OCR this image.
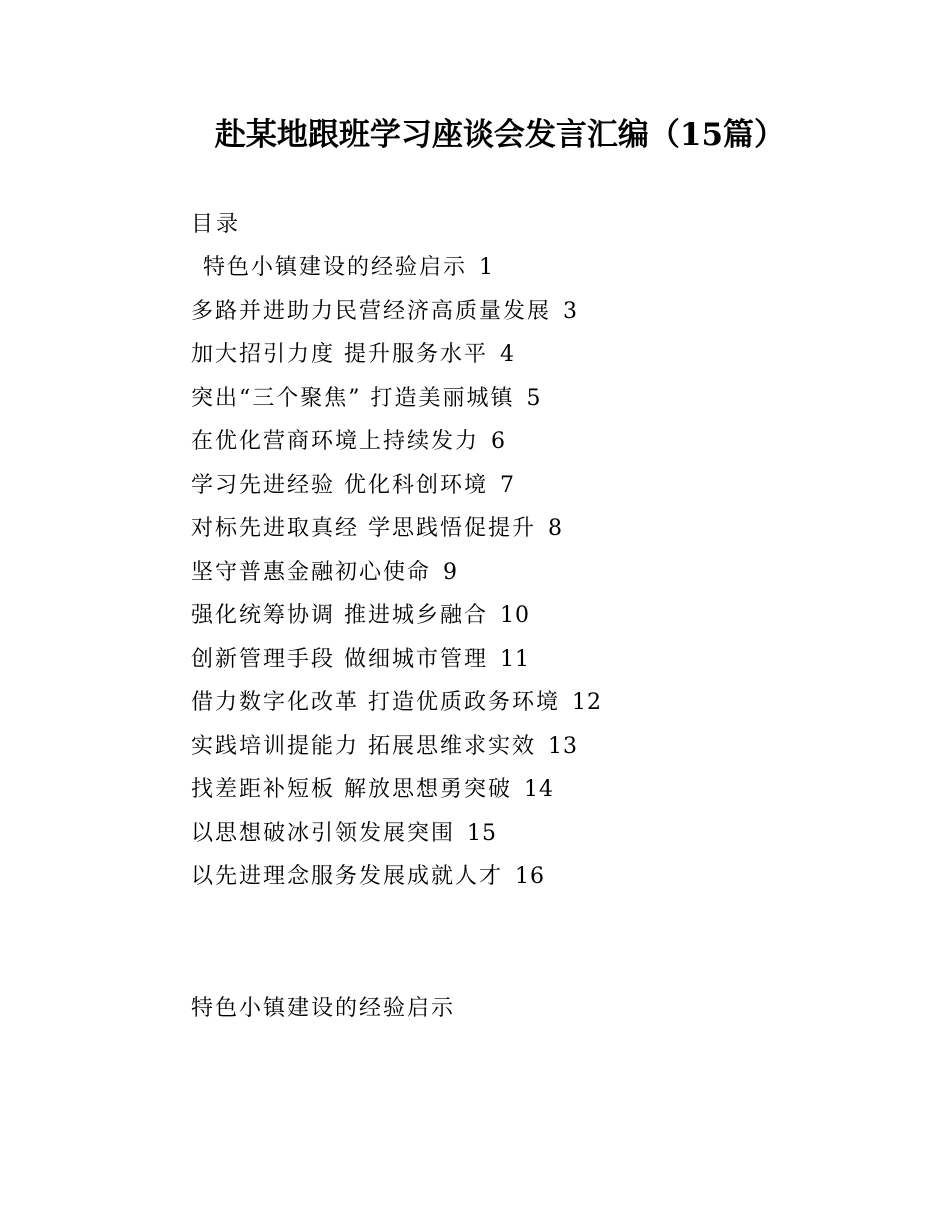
赴某地跟班学习座谈会发言汇编（15篇）
目录
特色小镇建设的经验启示 1
多路并进助力民营经济高质量发展 3
加大招引力度 提升服务水平 4
突出“三个聚焦” 打造美丽城镇 5
在优化营商环境上持续发力 6
学习先进经验 优化科创环境 7
对标先进取真经 学思践悟促提升 8
坚守普惠金融初心使命 9
强化统筹协调 推进城乡融合 10
创新管理手段 做细城市管理 11
借力数字化改革 打造优质政务环境 12
实践培训提能力 拓展思维求实效 13
找差距补短板 解放思想勇突破 14
以思想破冰引领发展突围 15
以先进理念服务发展成就人才 16
特色小镇建设的经验启示
